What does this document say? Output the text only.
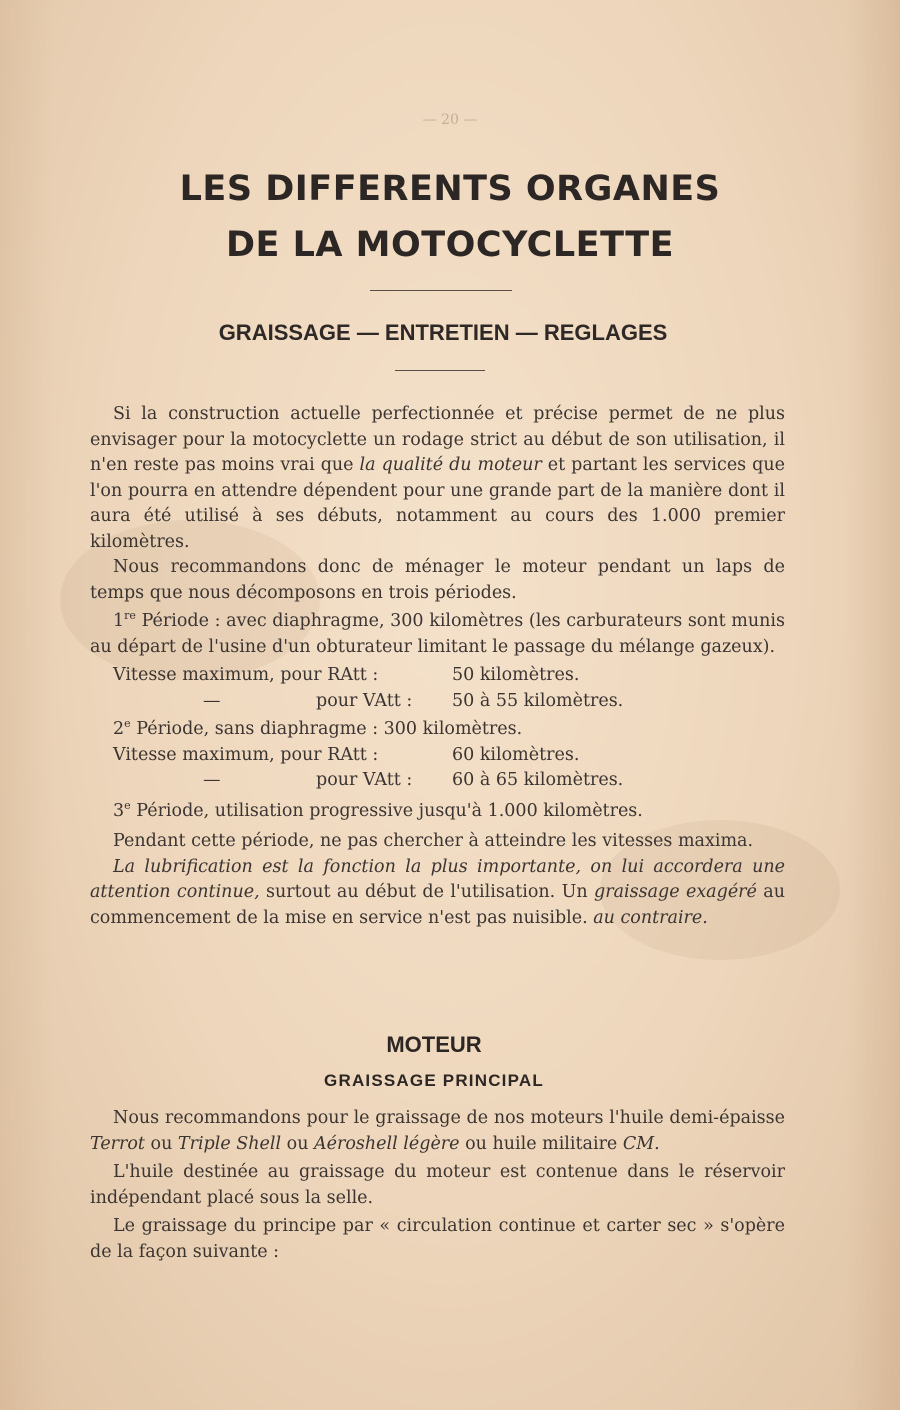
— 20 —
LES DIFFERENTS ORGANES
DE LA MOTOCYCLETTE
GRAISSAGE — ENTRETIEN — REGLAGES

Si la construction actuelle perfectionnée et précise permet de ne plus envisager pour la motocyclette un rodage strict au début de son utilisation, il n'en reste pas moins vrai que la qualité du moteur et partant les services que l'on pourra en attendre dépendent pour une grande part de la manière dont il aura été utilisé à ses débuts, notamment au cours des 1.000 premier kilomètres.

Nous recommandons donc de ménager le moteur pendant un laps de temps que nous décomposons en trois périodes.

1re Période : avec diaphragme, 300 kilomètres (les carburateurs sont munis au départ de l'usine d'un obturateur limitant le passage du mélange gazeux).

Vitesse maximum, pour RAtt :	50 kilomètres.
—	pour VAtt : 50 à 55 kilomètres.

2e Période, sans diaphragme : 300 kilomètres.

Vitesse maximum, pour RAtt :	60 kilomètres.
—	pour VAtt : 60 à 65 kilomètres.

3e Période, utilisation progressive jusqu'à 1.000 kilomètres.

Pendant cette période, ne pas chercher à atteindre les vitesses maxima.

La lubrification est la fonction la plus importante, on lui accordera une attention continue, surtout au début de l'utilisation. Un graissage exagéré au commencement de la mise en service n'est pas nuisible. au contraire.

MOTEUR
GRAISSAGE PRINCIPAL

Nous recommandons pour le graissage de nos moteurs l'huile demi-épaisse Terrot ou Triple Shell ou Aéroshell légère ou huile militaire CM.

L'huile destinée au graissage du moteur est contenue dans le réservoir indépendant placé sous la selle.

Le graissage du principe par « circulation continue et carter sec » s'opère de la façon suivante :
